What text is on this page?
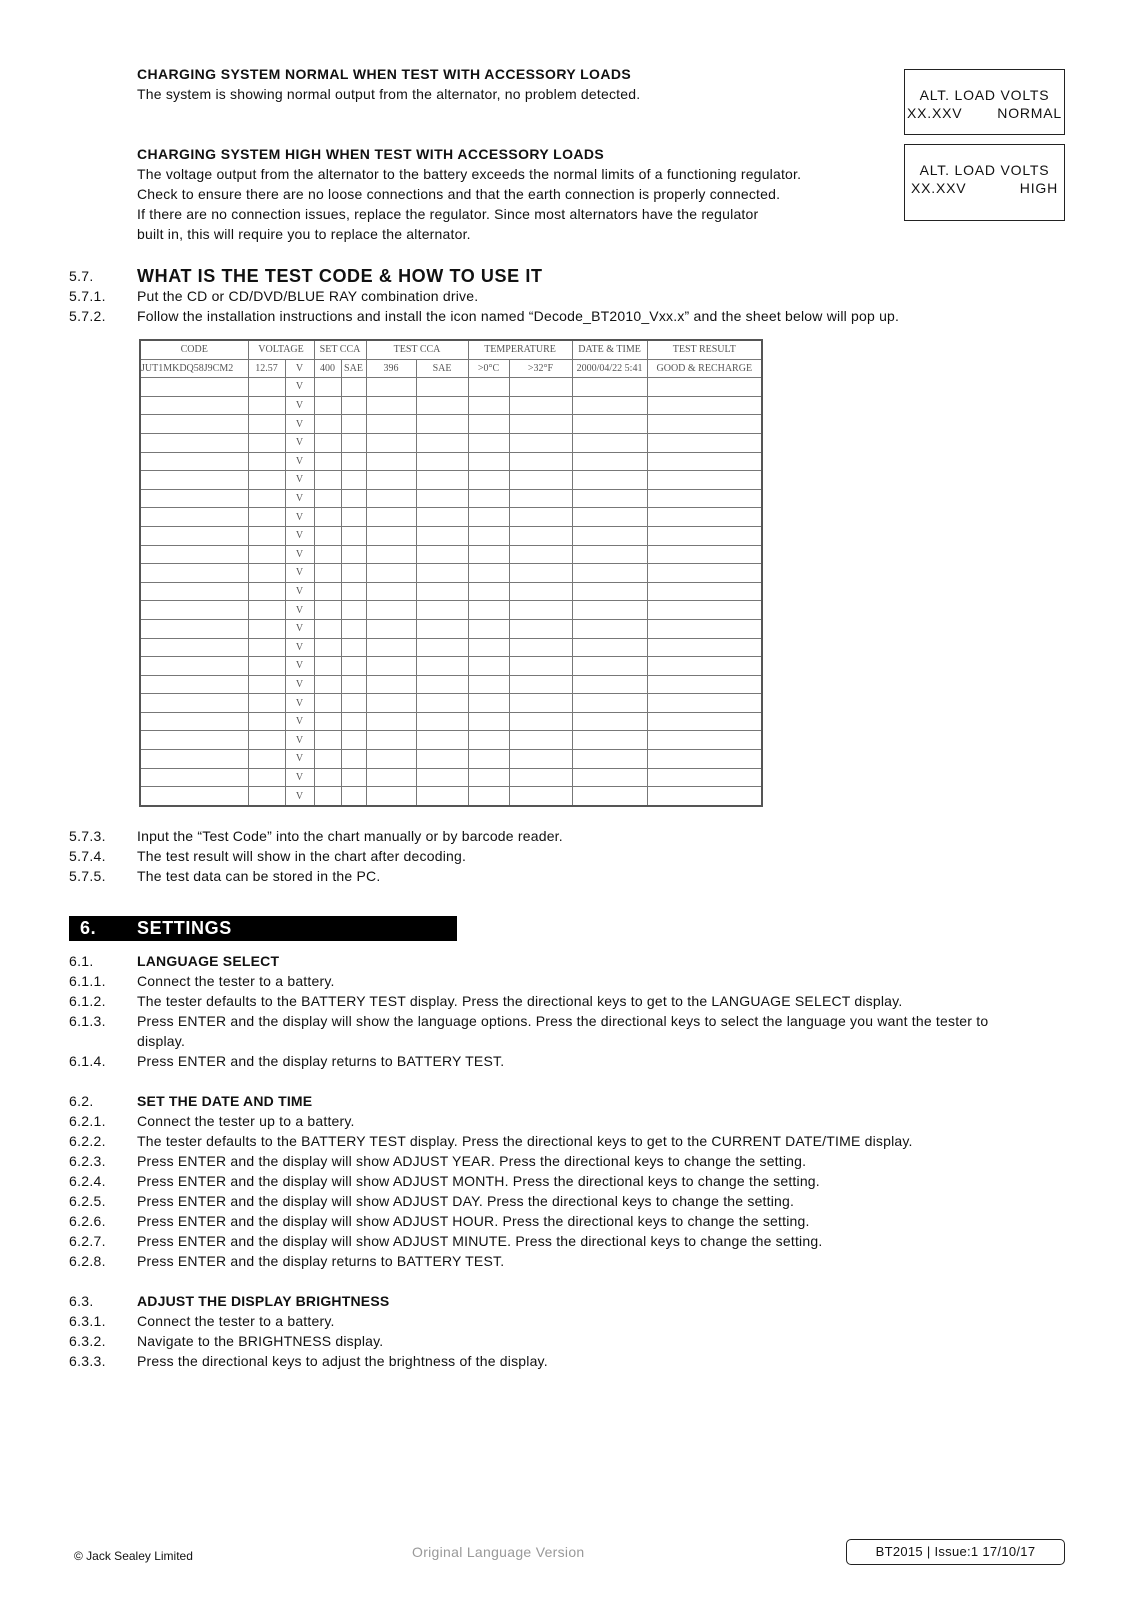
CHARGING SYSTEM NORMAL WHEN TEST WITH ACCESSORY LOADS
The system is showing normal output from the alternator, no problem detected.	ALT. LOAD VOLTS
XX.XXV NORMAL
CHARGING SYSTEM HIGH WHEN TEST WITH ACCESSORY LOADS
The voltage output from the alternator to the battery exceeds the normal limits of a functioning regulator.
Check to ensure there are no loose connections and that the earth connection is properly connected.
If there are no connection issues, replace the regulator. Since most alternators have the regulator
built in, this will require you to replace the alternator.
ALT. LOAD VOLTS
XX.XXV	HIGH
5.7.	WHAT IS THE TEST CODE & HOW TO USE IT
5.7.1.	Put the CD or CD/DVD/BLUE RAY combination drive.
5.7.2.	Follow the installation instructions and install the icon named “Decode_BT2010_Vxx.x” and the sheet below will pop up.
CODE	VOLTAGE		SET CCA		TEST CCA		TEMPERATURE		DATE & TIME	TEST RESULT
JUT1MKDQ58J9CM2	12.57	V	400	SAE	396	SAE	>0°C	>32°F	2000/04/22 5:41	GOOD & RECHARGE
		V								
		V								
		V								
		V								
		V								
		V								
		V								
		V								
		V								
		V								
		V								
		V								
		V								
		V								
		V								
		V								
		V								
		V								
		V								
		V								
		V								
		V								
		V								
5.7.3.	Input the “Test Code” into the chart manually or by barcode reader.
5.7.4.	The test result will show in the chart after decoding.
5.7.5.	The test data can be stored in the PC.
6. SETTINGS
6.1.	LANGUAGE SELECT
6.1.1.	Connect the tester to a battery.
6.1.2.	The tester defaults to the BATTERY TEST display. Press the directional keys to get to the LANGUAGE SELECT display.
6.1.3.	Press ENTER and the display will show the language options. Press the directional keys to select the language you want the tester to
display.
6.1.4.	Press ENTER and the display returns to BATTERY TEST.
6.2.	SET THE DATE AND TIME
6.2.1.	Connect the tester up to a battery.
6.2.2.	The tester defaults to the BATTERY TEST display. Press the directional keys to get to the CURRENT DATE/TIME display.
6.2.3.	Press ENTER and the display will show ADJUST YEAR. Press the directional keys to change the setting.
6.2.4.	Press ENTER and the display will show ADJUST MONTH. Press the directional keys to change the setting.
6.2.5.	Press ENTER and the display will show ADJUST DAY. Press the directional keys to change the setting.
6.2.6.	Press ENTER and the display will show ADJUST HOUR. Press the directional keys to change the setting.
6.2.7.	Press ENTER and the display will show ADJUST MINUTE. Press the directional keys to change the setting.
6.2.8.	Press ENTER and the display returns to BATTERY TEST.
6.3.	ADJUST THE DISPLAY BRIGHTNESS
6.3.1.	Connect the tester to a battery.
6.3.2.	Navigate to the BRIGHTNESS display.
6.3.3.	Press the directional keys to adjust the brightness of the display.
© Jack Sealey Limited	Original Language Version	BT2015 | Issue:1 17/10/17
